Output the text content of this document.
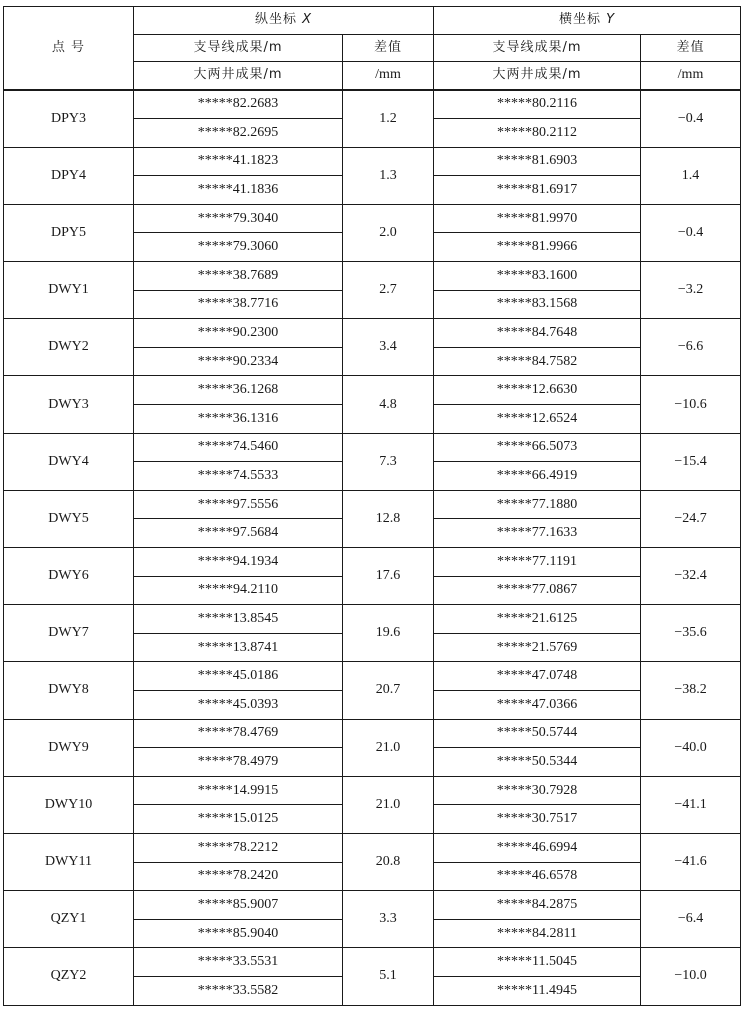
点 号	纵坐标 X		横坐标 Y	
	支导线成果/m	差值	支导线成果/m	差值
	大两井成果/m	/mm	大两井成果/m	/mm
DPY3	*****82.2683	1.2	*****80.2116	−0.4
	*****82.2695		*****80.2112	
DPY4	*****41.1823	1.3	*****81.6903	1.4
	*****41.1836		*****81.6917	
DPY5	*****79.3040	2.0	*****81.9970	−0.4
	*****79.3060		*****81.9966	
DWY1	*****38.7689	2.7	*****83.1600	−3.2
	*****38.7716		*****83.1568	
DWY2	*****90.2300	3.4	*****84.7648	−6.6
	*****90.2334		*****84.7582	
DWY3	*****36.1268	4.8	*****12.6630	−10.6
	*****36.1316		*****12.6524	
DWY4	*****74.5460	7.3	*****66.5073	−15.4
	*****74.5533		*****66.4919	
DWY5	*****97.5556	12.8	*****77.1880	−24.7
	*****97.5684		*****77.1633	
DWY6	*****94.1934	17.6	*****77.1191	−32.4
	*****94.2110		*****77.0867	
DWY7	*****13.8545	19.6	*****21.6125	−35.6
	*****13.8741		*****21.5769	
DWY8	*****45.0186	20.7	*****47.0748	−38.2
	*****45.0393		*****47.0366	
DWY9	*****78.4769	21.0	*****50.5744	−40.0
	*****78.4979		*****50.5344	
DWY10	*****14.9915	21.0	*****30.7928	−41.1
	*****15.0125		*****30.7517	
DWY11	*****78.2212	20.8	*****46.6994	−41.6
	*****78.2420		*****46.6578	
QZY1	*****85.9007	3.3	*****84.2875	−6.4
	*****85.9040		*****84.2811	
QZY2	*****33.5531	5.1	*****11.5045	−10.0
	*****33.5582		*****11.4945	
